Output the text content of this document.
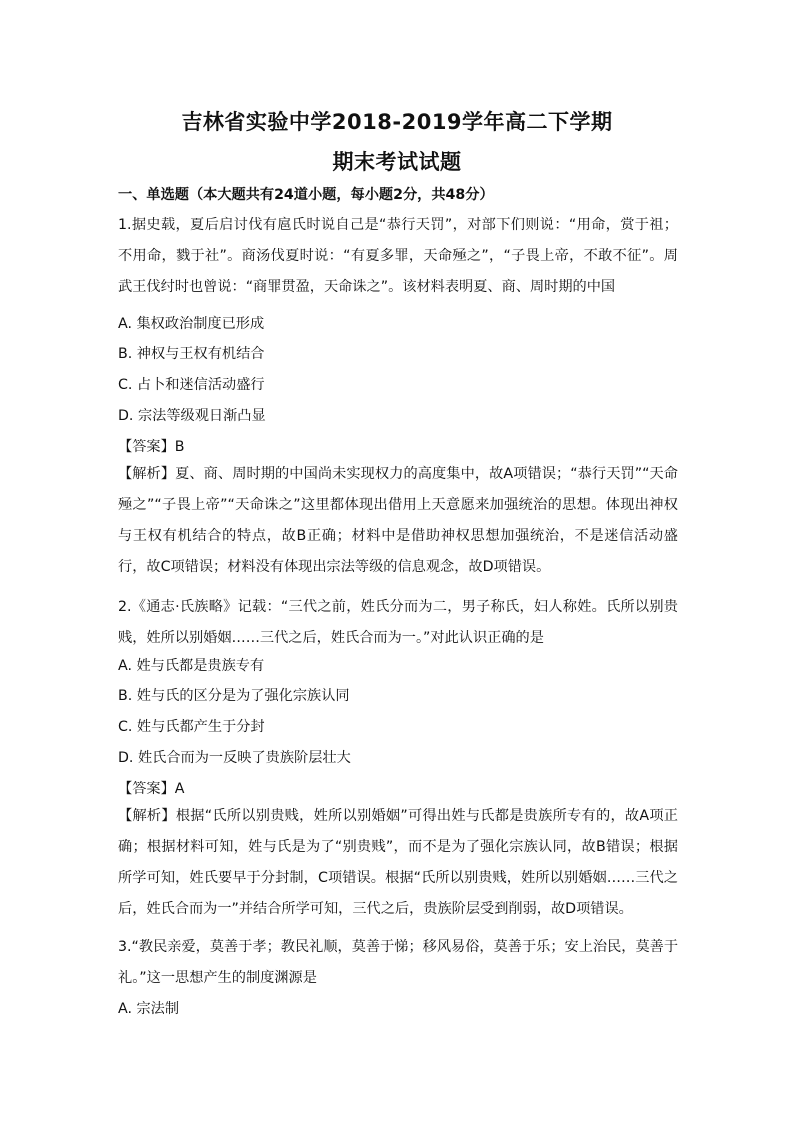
吉林省实验中学2018-2019学年高二下学期
期末考试试题
一、单选题（本大题共有24道小题，每小题2分，共48分）
1.据史载，夏后启讨伐有扈氏时说自己是“恭行天罚”，对部下们则说：“用命，赏于祖；不用命，戮于社”。商汤伐夏时说：“有夏多罪，天命殛之”，“子畏上帝，不敢不征”。周武王伐纣时也曾说：“商罪贯盈，天命诛之”。该材料表明夏、商、周时期的中国
A. 集权政治制度已形成
B. 神权与王权有机结合
C. 占卜和迷信活动盛行
D. 宗法等级观日渐凸显
【答案】B
【解析】夏、商、周时期的中国尚未实现权力的高度集中，故A项错误；“恭行天罚”“天命殛之”“子畏上帝”“天命诛之”这里都体现出借用上天意愿来加强统治的思想。体现出神权与王权有机结合的特点，故B正确；材料中是借助神权思想加强统治，不是迷信活动盛行，故C项错误；材料没有体现出宗法等级的信息观念，故D项错误。
2.《通志·氏族略》记载：“三代之前，姓氏分而为二，男子称氏，妇人称姓。氏所以别贵贱，姓所以别婚姻……三代之后，姓氏合而为一。”对此认识正确的是
A. 姓与氏都是贵族专有
B. 姓与氏的区分是为了强化宗族认同
C. 姓与氏都产生于分封
D. 姓氏合而为一反映了贵族阶层壮大
【答案】A
【解析】根据“氏所以别贵贱，姓所以别婚姻”可得出姓与氏都是贵族所专有的，故A项正确；根据材料可知，姓与氏是为了“别贵贱”，而不是为了强化宗族认同，故B错误；根据所学可知，姓氏要早于分封制，C项错误。根据“氏所以别贵贱，姓所以别婚姻……三代之后，姓氏合而为一”并结合所学可知，三代之后，贵族阶层受到削弱，故D项错误。
3.“教民亲爱，莫善于孝；教民礼顺，莫善于悌；移风易俗，莫善于乐；安上治民，莫善于礼。”这一思想产生的制度渊源是
A. 宗法制
